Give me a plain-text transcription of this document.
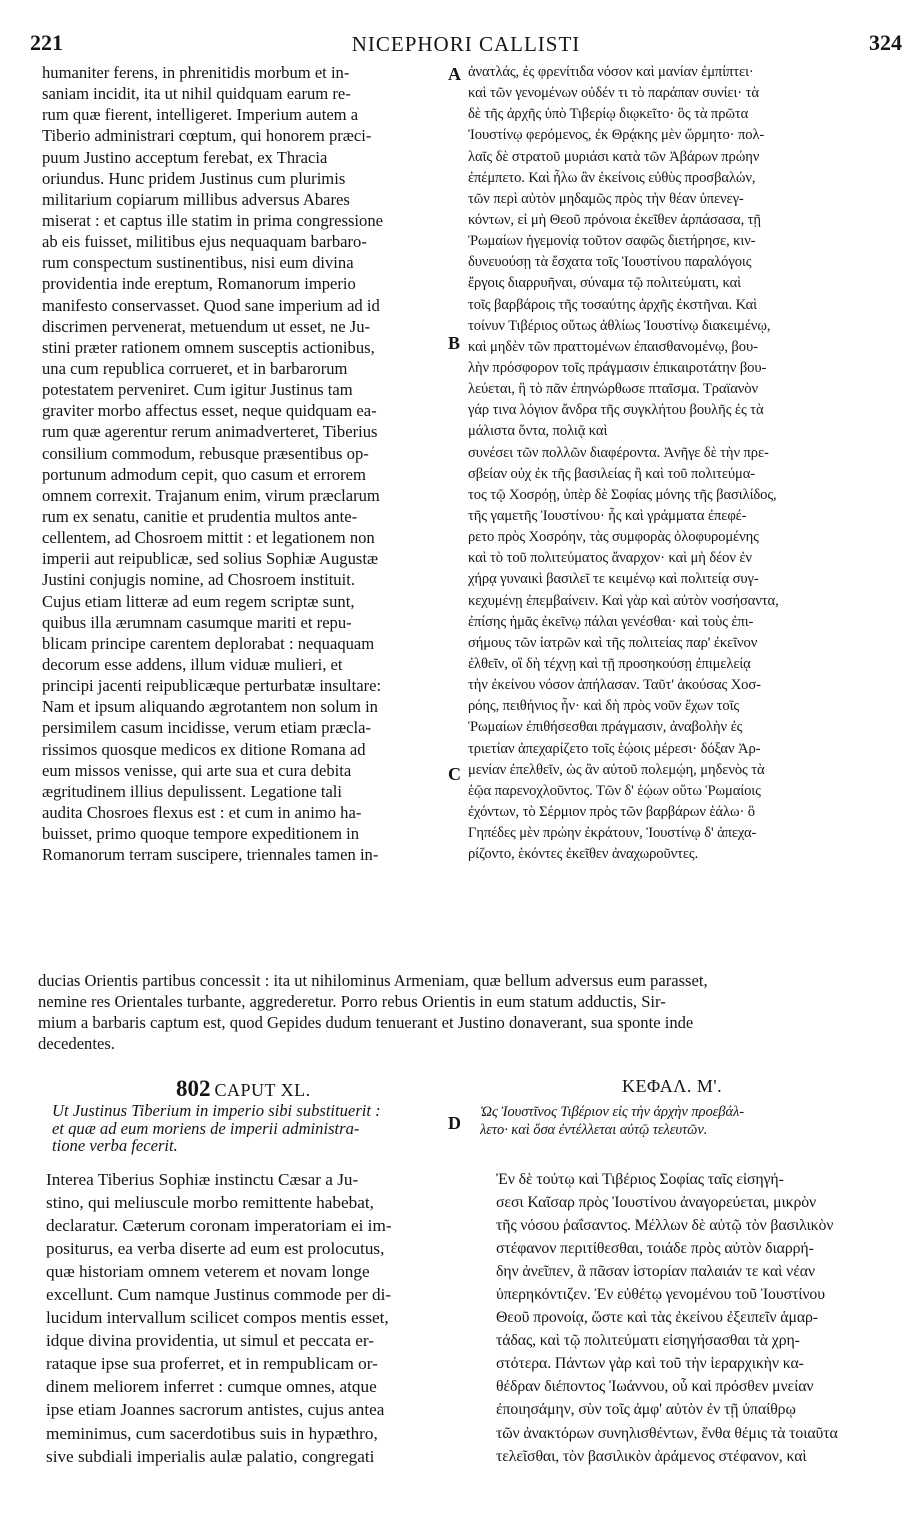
221	NICEPHORI CALLISTI	324
humaniter ferens, in phrenitidis morbum et in-
saniam incidit, ita ut nihil quidquam earum re-
rum quæ fierent, intelligeret. Imperium autem a
Tiberio administrari cœptum, qui honorem præci-
puum Justino acceptum ferebat, ex Thracia
oriundus. Hunc pridem Justinus cum plurimis
militarium copiarum millibus adversus Abares
miserat : et captus ille statim in prima congressione
ab eis fuisset, militibus ejus nequaquam barbaro-
rum conspectum sustinentibus, nisi eum divina
providentia inde ereptum, Romanorum imperio
manifesto conservasset. Quod sane imperium ad id
discrimen pervenerat, metuendum ut esset, ne Ju-
stini præter rationem omnem susceptis actionibus,
una cum republica corrueret, et in barbarorum
potestatem perveniret. Cum igitur Justinus tam
graviter morbo affectus esset, neque quidquam ea-
rum quæ agerentur rerum animadverteret, Tiberius
consilium commodum, rebusque præsentibus op-
portunum admodum cepit, quo casum et errorem
omnem correxit. Trajanum enim, virum præclarum
rum ex senatu, canitie et prudentia multos ante-
cellentem, ad Chosroem mittit : et legationem non
imperii aut reipublicæ, sed solius Sophiæ Augustæ
Justini conjugis nomine, ad Chosroem instituit.
Cujus etiam litteræ ad eum regem scriptæ sunt,
quibus illa ærumnam casumque mariti et repu-
blicam principe carentem deplorabat : nequaquam
decorum esse addens, illum viduæ mulieri, et
principi jacenti reipublicæque perturbatæ insultare:
Nam et ipsum aliquando ægrotantem non solum in
persimilem casum incidisse, verum etiam præcla-
rissimos quosque medicos ex ditione Romana ad
eum missos venisse, qui arte sua et cura debita
ægritudinem illius depulissent. Legatione tali
audita Chosroes flexus est : et cum in animo ha-
buisset, primo quoque tempore expeditionem in
Romanorum terram suscipere, triennales tamen in-
ἀνατλάς, ἐς φρενίτιδα νόσον καὶ μανίαν ἐμπίπτει·
καὶ τῶν γενομένων οὐδέν τι τὸ παράπαν συνίει· τὰ
δὲ τῆς ἀρχῆς ὑπὸ Τιβερίῳ διῳκεῖτο· ὃς τὰ πρῶτα
Ἰουστίνῳ φερόμενος, ἐκ Θρᾴκης μὲν ὥρμητο· πολ-
λαῖς δὲ στρατοῦ μυριάσι κατὰ τῶν Ἀβάρων πρώην
ἐπέμπετο. Καὶ ἦλω ἂν ἐκείνοις εὐθὺς προσβαλών,
τῶν περὶ αὐτὸν μηδαμῶς πρὸς τὴν θέαν ὑπενεγ-
κόντων, εἰ μὴ Θεοῦ πρόνοια ἐκεῖθεν ἁρπάσασα, τῇ
Ῥωμαίων ἡγεμονίᾳ τοῦτον σαφῶς διετήρησε, κιν-
δυνευούσῃ τὰ ἔσχατα τοῖς Ἰουστίνου παραλόγοις
ἔργοις διαρρυῆναι, σύναμα τῷ πολιτεύματι, καὶ
τοῖς βαρβάροις τῆς τοσαύτης ἀρχῆς ἐκστῆναι. Καὶ
τοίνυν Τιβέριος οὕτως ἀθλίως Ἰουστίνῳ διακειμένῳ,
καὶ μηδὲν τῶν πραττομένων ἐπαισθανομένῳ, βου-
λὴν πρόσφορον τοῖς πράγμασιν ἐπικαιροτάτην βου-
λεύεται, ἣ τὸ πᾶν ἐπηνώρθωσε πταῖσμα. Τραϊανὸν
γάρ τινα λόγιον ἄνδρα τῆς συγκλήτου βουλῆς ἐς τὰ
μάλιστα ὄντα, πολιᾷ καὶ
συνέσει τῶν πολλῶν διαφέροντα. Ἀνῆγε δὲ τὴν πρε-
σβείαν οὐχ ἐκ τῆς βασιλείας ἢ καὶ τοῦ πολιτεύμα-
τος τῷ Χοσρόῃ, ὑπὲρ δὲ Σοφίας μόνης τῆς βασιλίδος,
τῆς γαμετῆς Ἰουστίνου· ἧς καὶ γράμματα ἐπεφέ-
ρετο πρὸς Χοσρόην, τὰς συμφορὰς ὀλοφυρομένης
καὶ τὸ τοῦ πολιτεύματος ἄναρχον· καὶ μὴ δέον ἐν
χήρᾳ γυναικὶ βασιλεῖ τε κειμένῳ καὶ πολιτείᾳ συγ-
κεχυμένῃ ἐπεμβαίνειν. Καὶ γὰρ καὶ αὐτὸν νοσήσαντα,
ἐπίσης ἡμᾶς ἐκεῖνῳ πάλαι γενέσθαι· καὶ τοὺς ἐπι-
σήμους τῶν ἰατρῶν καὶ τῆς πολιτείας παρ' ἐκεῖνον
ἐλθεῖν, οἳ δὴ τέχνῃ καὶ τῇ προσηκούσῃ ἐπιμελείᾳ
τὴν ἐκείνου νόσον ἀπήλασαν. Ταῦτ' ἀκούσας Χοσ-
ρόης, πειθήνιος ἦν· καὶ δὴ πρὸς νοῦν ἔχων τοῖς
Ῥωμαίων ἐπιθήσεσθαι πράγμασιν, ἀναβολὴν ἐς
τριετίαν ἀπεχαρίζετο τοῖς ἑῴοις μέρεσι· δόξαν Ἀρ-
μενίαν ἐπελθεῖν, ὡς ἂν αὐτοῦ πολεμῴη, μηδενὸς τὰ
ἑῷα παρενοχλοῦντος. Τῶν δ' ἑῴων οὕτω Ῥωμαίοις
ἐχόντων, τὸ Σέρμιον πρὸς τῶν βαρβάρων ἑάλω· ὃ
Γηπέδες μὲν πρώην ἐκράτουν, Ἰουστίνῳ δ' ἀπεχα-
ρίζοντο, ἑκόντες ἐκεῖθεν ἀναχωροῦντες.
A
B
C
D
ducias Orientis partibus concessit : ita ut nihilominus Armeniam, quæ bellum adversus eum parasset,
nemine res Orientales turbante, aggrederetur. Porro rebus Orientis in eum statum adductis, Sir-
mium a barbaris captum est, quod Gepides dudum tenuerant et Justino donaverant, sua sponte inde
decedentes.
802 CAPUT XL.	ΚΕΦΑΛ. Μ'.
Ut Justinus Tiberium in imperio sibi substituerit :
et quæ ad eum moriens de imperii administra-
tione verba fecerit.
Ὡς Ἰουστῖνος Τιβέριον εἰς τὴν ἀρχὴν προεβάλ-
λετο· καὶ ὅσα ἐντέλλεται αὐτῷ τελευτῶν.
Interea Tiberius Sophiæ instinctu Cæsar a Ju-
stino, qui meliuscule morbo remittente habebat,
declaratur. Cæterum coronam imperatoriam ei im-
positurus, ea verba diserte ad eum est prolocutus,
quæ historiam omnem veterem et novam longe
excellunt. Cum namque Justinus commode per di-
lucidum intervallum scilicet compos mentis esset,
idque divina providentia, ut simul et peccata er-
rataque ipse sua proferret, et in rempublicam or-
dinem meliorem inferret : cumque omnes, atque
ipse etiam Joannes sacrorum antistes, cujus antea
meminimus, cum sacerdotibus suis in hypæthro,
sive subdiali imperialis aulæ palatio, congregati
Ἐν δὲ τούτῳ καὶ Τιβέριος Σοφίας ταῖς εἰσηγή-
σεσι Καῖσαρ πρὸς Ἰουστίνου ἀναγορεύεται, μικρὸν
τῆς νόσου ῥαΐσαντος. Μέλλων δὲ αὐτῷ τὸν βασιλικὸν
στέφανον περιτίθεσθαι, τοιάδε πρὸς αὐτὸν διαρρή-
δην ἀνεῖπεν, ἃ πᾶσαν ἱστορίαν παλαιάν τε καὶ νέαν
ὑπερηκόντιζεν. Ἐν εὐθέτῳ γενομένου τοῦ Ἰουστίνου
Θεοῦ προνοίᾳ, ὥστε καὶ τὰς ἐκείνου ἐξειπεῖν ἁμαρ-
τάδας, καὶ τῷ πολιτεύματι εἰσηγήσασθαι τὰ χρη-
στότερα. Πάντων γὰρ καὶ τοῦ τὴν ἱεραρχικὴν κα-
θέδραν διέποντος Ἰωάννου, οὗ καὶ πρόσθεν μνείαν
ἐποιησάμην, σὺν τοῖς ἀμφ' αὐτὸν ἐν τῇ ὑπαίθρῳ
τῶν ἀνακτόρων συνηλισθέντων, ἔνθα θέμις τὰ τοιαῦτα
τελεῖσθαι, τὸν βασιλικὸν ἀράμενος στέφανον, καὶ
